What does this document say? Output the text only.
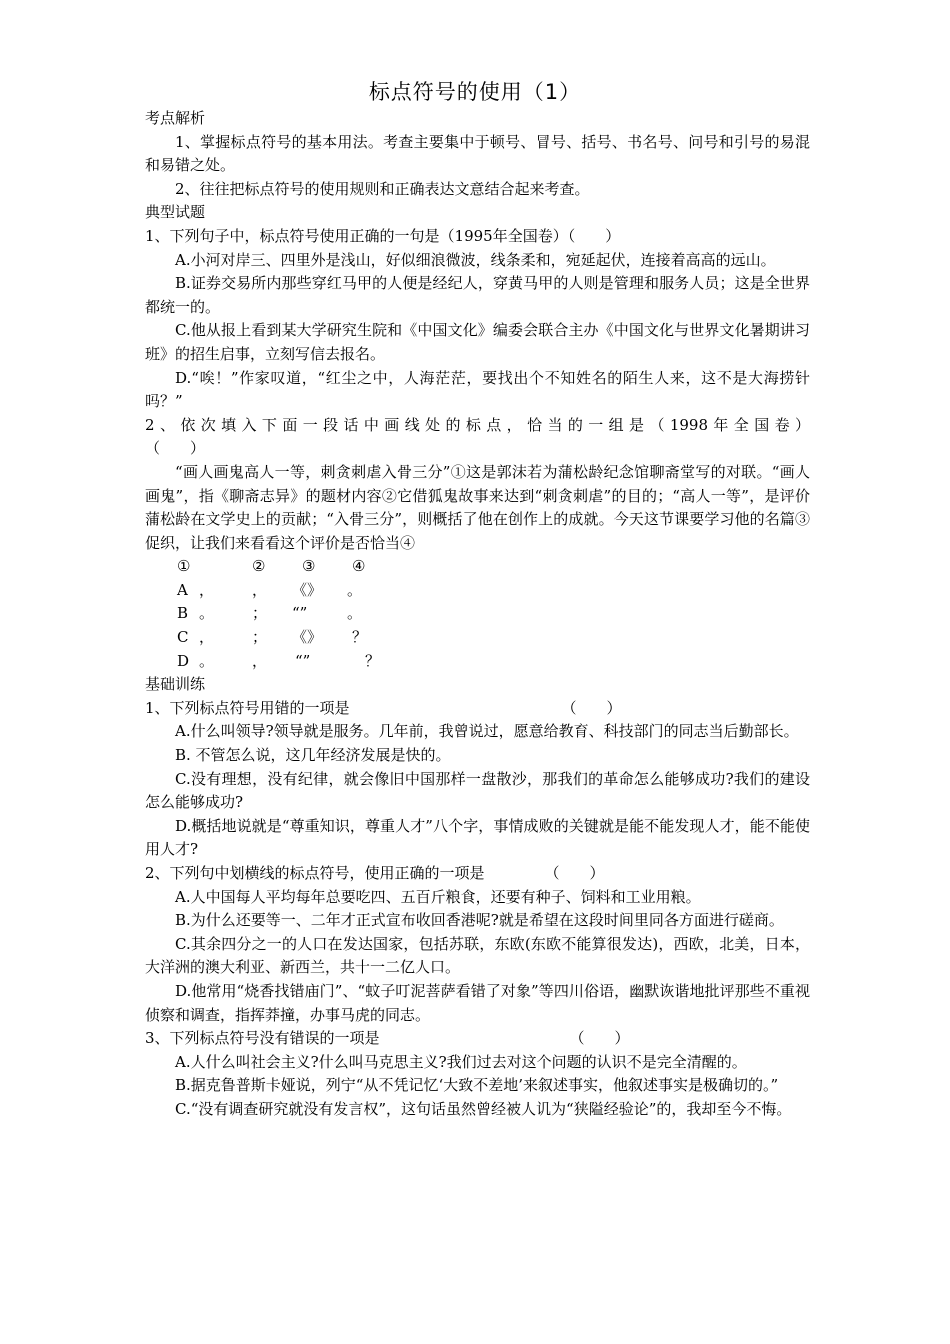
标点符号的使用（1）

考点解析

1、掌握标点符号的基本用法。考查主要集中于顿号、冒号、括号、书名号、问号和引号的易混和易错之处。

2、往往把标点符号的使用规则和正确表达文意结合起来考查。

典型试题

1、下列句子中，标点符号使用正确的一句是（1995年全国卷）（　　）

A.小河对岸三、四里外是浅山，好似细浪微波，线条柔和，宛延起伏，连接着高高的远山。

B.证券交易所内那些穿红马甲的人便是经纪人，穿黄马甲的人则是管理和服务人员；这是全世界都统一的。

C.他从报上看到某大学研究生院和《中国文化》编委会联合主办《中国文化与世界文化暑期讲习班》的招生启事，立刻写信去报名。

D.“唉！”作家叹道，“红尘之中，人海茫茫，要找出个不知姓名的陌生人来，这不是大海捞针吗？”

2、依次填入下面一段话中画线处的标点，恰当的一组是（1998年全国卷）

（　　）

“画人画鬼高人一等，刺贪刺虐入骨三分”①这是郭沫若为蒲松龄纪念馆聊斋堂写的对联。“画人画鬼”，指《聊斋志异》的题材内容②它借狐鬼故事来达到“刺贪刺虐”的目的；“高人一等”，是评价蒲松龄在文学史上的贡献；“入骨三分”，则概括了他在创作上的成就。今天这节课要学习他的名篇③促织，让我们来看看这个评价是否恰当④

①	②	③	④
A ，	，	《》	。
B 。	；	“”	。
C ，	；	《》	？
D 。	，	“”	？

基础训练

1、下列标点符号用错的一项是	（　　）

A.什么叫领导?领导就是服务。几年前，我曾说过，愿意给教育、科技部门的同志当后勤部长。

B. 不管怎么说，这几年经济发展是快的。

C.没有理想，没有纪律，就会像旧中国那样一盘散沙，那我们的革命怎么能够成功?我们的建设怎么能够成功?

D.概括地说就是“尊重知识，尊重人才”八个字，事情成败的关键就是能不能发现人才，能不能使用人才?

2、下列句中划横线的标点符号，使用正确的一项是	（　　）

A.人中国每人平均每年总要吃四、五百斤粮食，还要有种子、饲料和工业用粮。

B.为什么还要等一、二年才正式宣布收回香港呢?就是希望在这段时间里同各方面进行磋商。

C.其余四分之一的人口在发达国家，包括苏联，东欧(东欧不能算很发达)，西欧，北美，日本，大洋洲的澳大利亚、新西兰，共十一二亿人口。

D.他常用“烧香找错庙门”、“蚊子叮泥菩萨看错了对象”等四川俗语，幽默诙谐地批评那些不重视侦察和调查，指挥莽撞，办事马虎的同志。

3、下列标点符号没有错误的一项是	（　　）

A.人什么叫社会主义?什么叫马克思主义?我们过去对这个问题的认识不是完全清醒的。

B.据克鲁普斯卡娅说，列宁“从不凭记忆‘大致不差地’来叙述事实，他叙述事实是极确切的。”

C.“没有调查研究就没有发言权”，这句话虽然曾经被人讥为“狭隘经验论”的，我却至今不悔。
